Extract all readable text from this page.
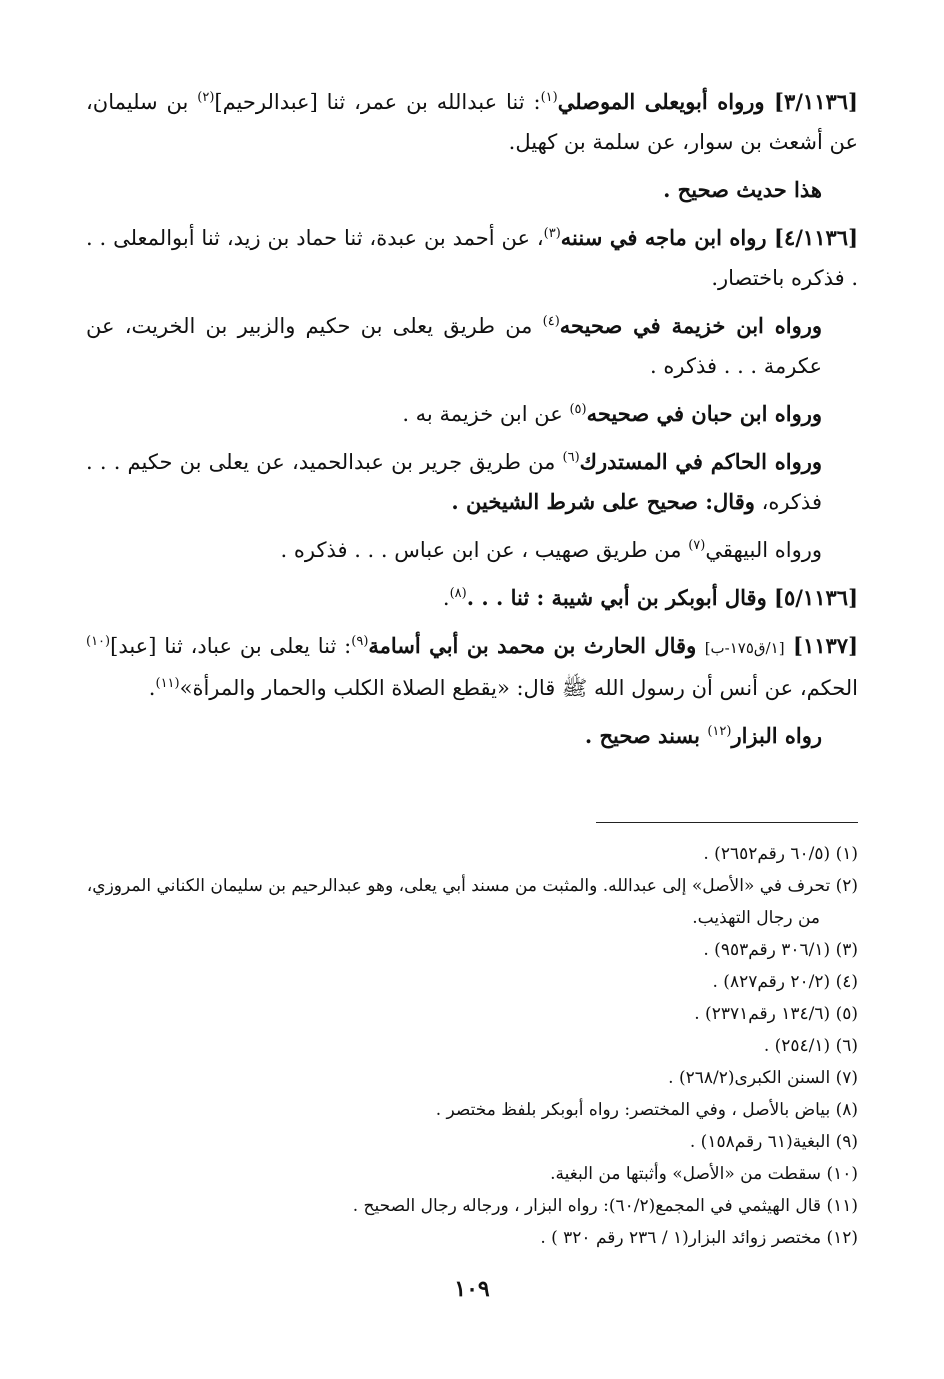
[٣/١١٣٦] ورواه أبويعلى الموصلي$^{(١)}$: ثنا عبدالله بن عمر، ثنا [عبدالرحيم]$^{(٢)}$ بن سليمان، عن أشعث بن سوار، عن سلمة بن كهيل.

هذا حديث صحيح .

[٤/١١٣٦] رواه ابن ماجه في سننه$^{(٣)}$، عن أحمد بن عبدة، ثنا حماد بن زيد، ثنا أبوالمعلى . . . فذكره باختصار.

ورواه ابن خزيمة في صحيحه$^{(٤)}$ من طريق يعلى بن حكيم والزبير بن الخريت، عن عكرمة . . . فذكره .

ورواه ابن حبان في صحيحه$^{(٥)}$ عن ابن خزيمة به .

ورواه الحاكم في المستدرك$^{(٦)}$ من طريق جرير بن عبدالحميد، عن يعلى بن حكيم . . . فذكره، وقال: صحيح على شرط الشيخين .

ورواه البيهقي$^{(٧)}$ من طريق صهيب ، عن ابن عباس . . . فذكره .

[٥/١١٣٦] وقال أبوبكر بن أبي شيبة : ثنا . . .$^{(٨)}$.

[١١٣٧] [١/ق١٧٥-ب] وقال الحارث بن محمد بن أبي أسامة$^{(٩)}$: ثنا يعلى بن عباد، ثنا [عبد]$^{(١٠)}$ الحكم، عن أنس أن رسول الله ﷺ قال: «يقطع الصلاة الكلب والحمار والمرأة»$^{(١١)}$.

رواه البزار$^{(١٢)}$ بسند صحيح .

(١) (٦٠/٥ رقم٢٦٥٢) .

(٢) تحرف في «الأصل» إلى عبدالله. والمثبت من مسند أبي يعلى، وهو عبدالرحيم بن سليمان الكناني المروزي، من رجال التهذيب.

(٣) (٣٠٦/١ رقم٩٥٣) .

(٤) (٢٠/٢ رقم٨٢٧) .

(٥) (١٣٤/٦ رقم٢٣٧١) .

(٦) (٢٥٤/١) .

(٧) السنن الكبرى(٢٦٨/٢) .

(٨) بياض بالأصل ، وفي المختصر: رواه أبوبكر بلفظ مختصر .

(٩) البغية(٦١ رقم١٥٨) .

(١٠) سقطت من «الأصل» وأثبتها من البغية.

(١١) قال الهيثمي في المجمع(٦٠/٢): رواه البزار ، ورجاله رجال الصحيح .

(١٢) مختصر زوائد البزار(١ / ٢٣٦ رقم ٣٢٠ ) .

١٠٩
